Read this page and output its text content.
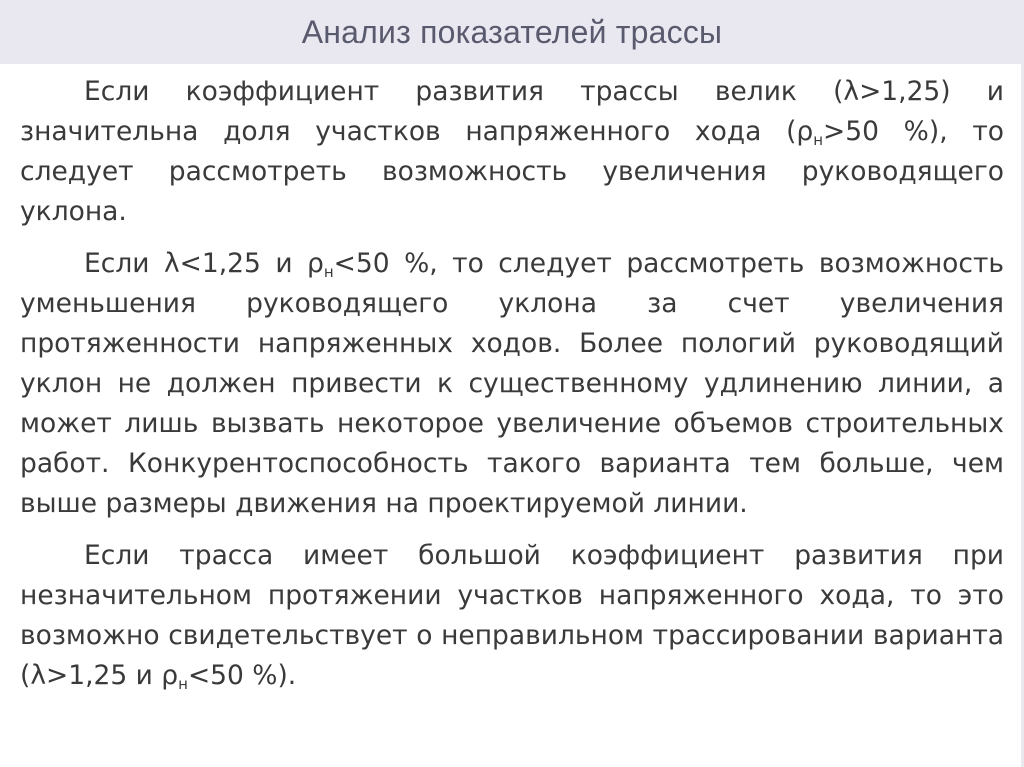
Анализ показателей трассы

Если коэффициент развития трассы велик (λ>1,25) и значительна доля участков напряженного хода ($\rho_н>50$ %), то следует рассмотреть возможность увеличения руководящего уклона.

Если λ<1,25 и $\rho_н<50$ %, то следует рассмотреть возможность уменьшения руководящего уклона за счет увеличения протяженности напряженных ходов. Более пологий руководящий уклон не должен привести к существенному удлинению линии, а может лишь вызвать некоторое увеличение объемов строительных работ. Конкурентоспособность такого варианта тем больше, чем выше размеры движения на проектируемой линии.

Если трасса имеет большой коэффициент развития при незначительном протяжении участков напряженного хода, то это возможно свидетельствует о неправильном трассировании варианта (λ>1,25 и $\rho_н<50$ %).
